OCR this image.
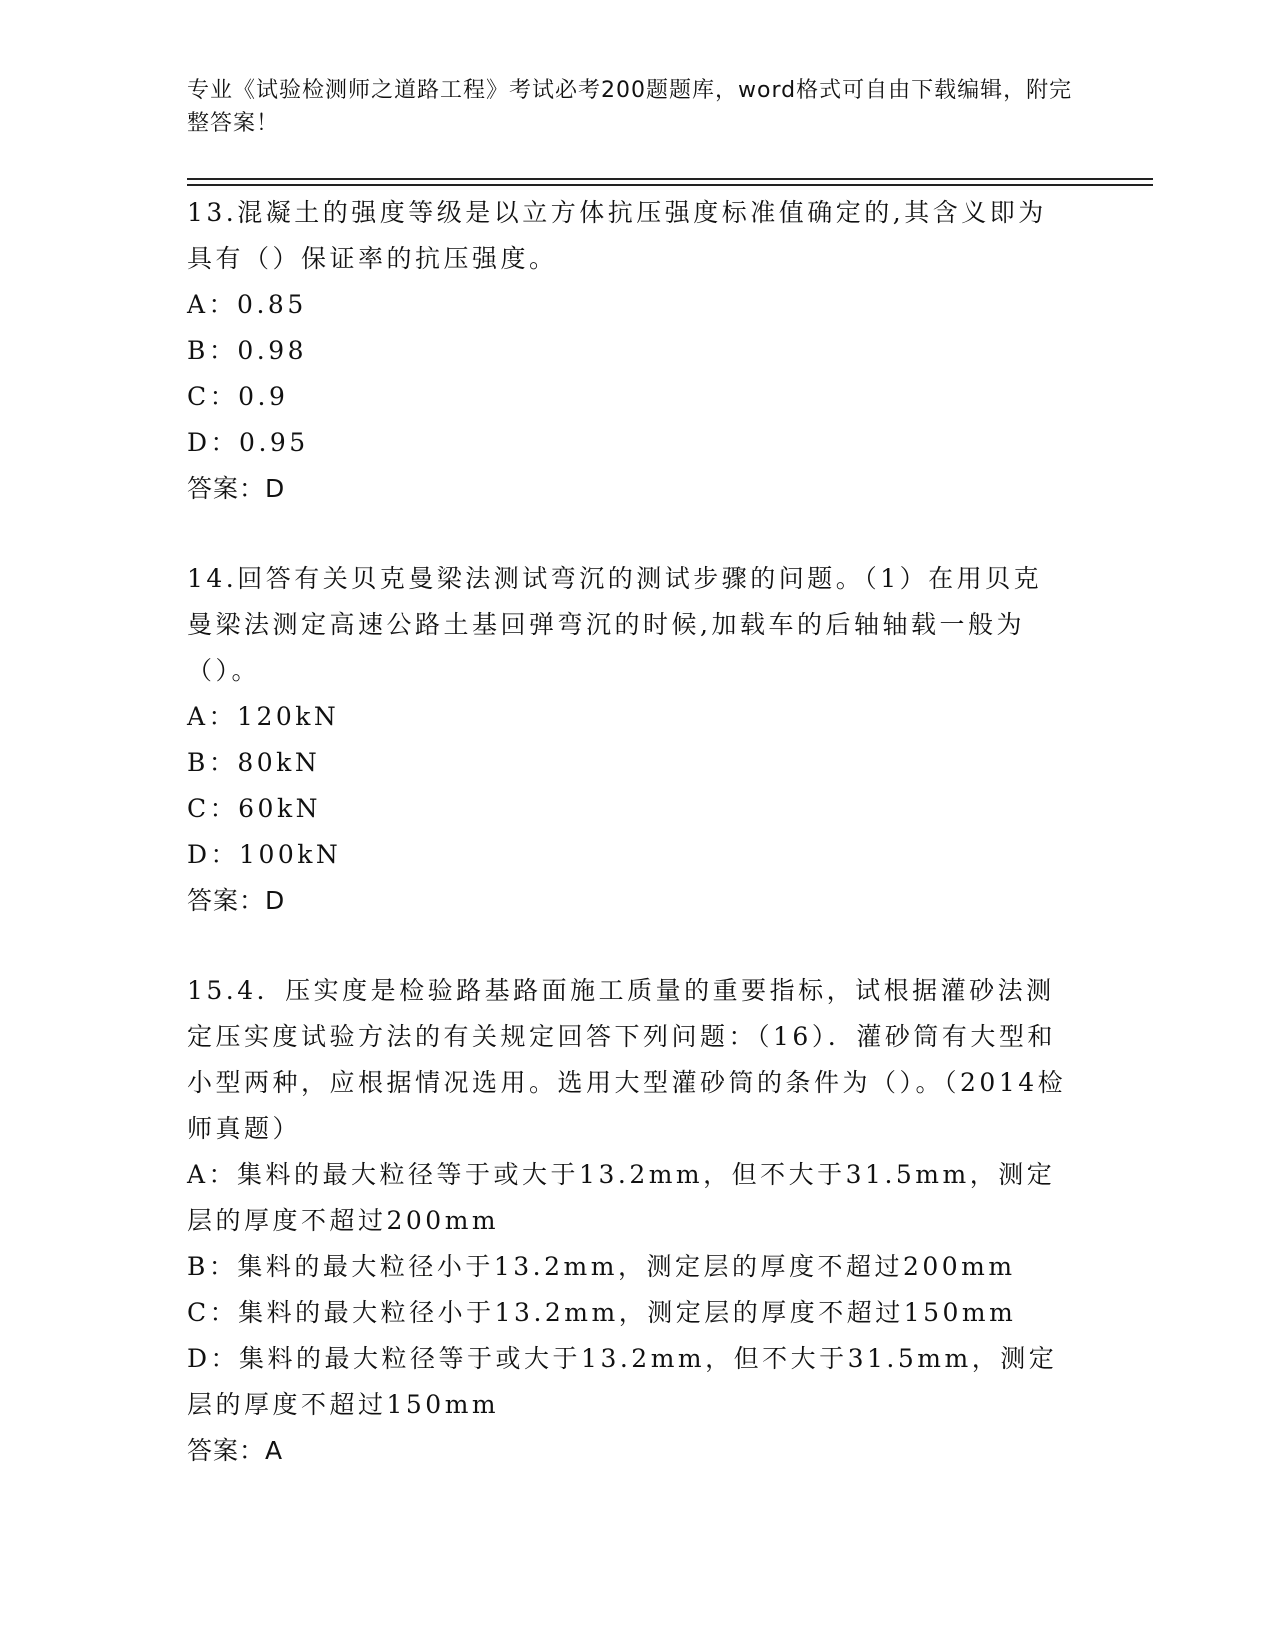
专业《试验检测师之道路工程》考试必考200题题库，word格式可自由下载编辑，附完整答案！
13.混凝土的强度等级是以立方体抗压强度标准值确定的,其含义即为具有（）保证率的抗压强度。
A：0.85
B：0.98
C：0.9
D：0.95
答案：D
14.回答有关贝克曼梁法测试弯沉的测试步骤的问题。（1）在用贝克曼梁法测定高速公路土基回弹弯沉的时候,加载车的后轴轴载一般为（）。
A：120kN
B：80kN
C：60kN
D：100kN
答案：D
15.4．压实度是检验路基路面施工质量的重要指标，试根据灌砂法测定压实度试验方法的有关规定回答下列问题：（16）．灌砂筒有大型和小型两种，应根据情况选用。选用大型灌砂筒的条件为（）。（2014检师真题）
A：集料的最大粒径等于或大于13.2mm，但不大于31.5mm，测定层的厚度不超过200mm
B：集料的最大粒径小于13.2mm，测定层的厚度不超过200mm
C：集料的最大粒径小于13.2mm，测定层的厚度不超过150mm
D：集料的最大粒径等于或大于13.2mm，但不大于31.5mm，测定层的厚度不超过150mm
答案：A
